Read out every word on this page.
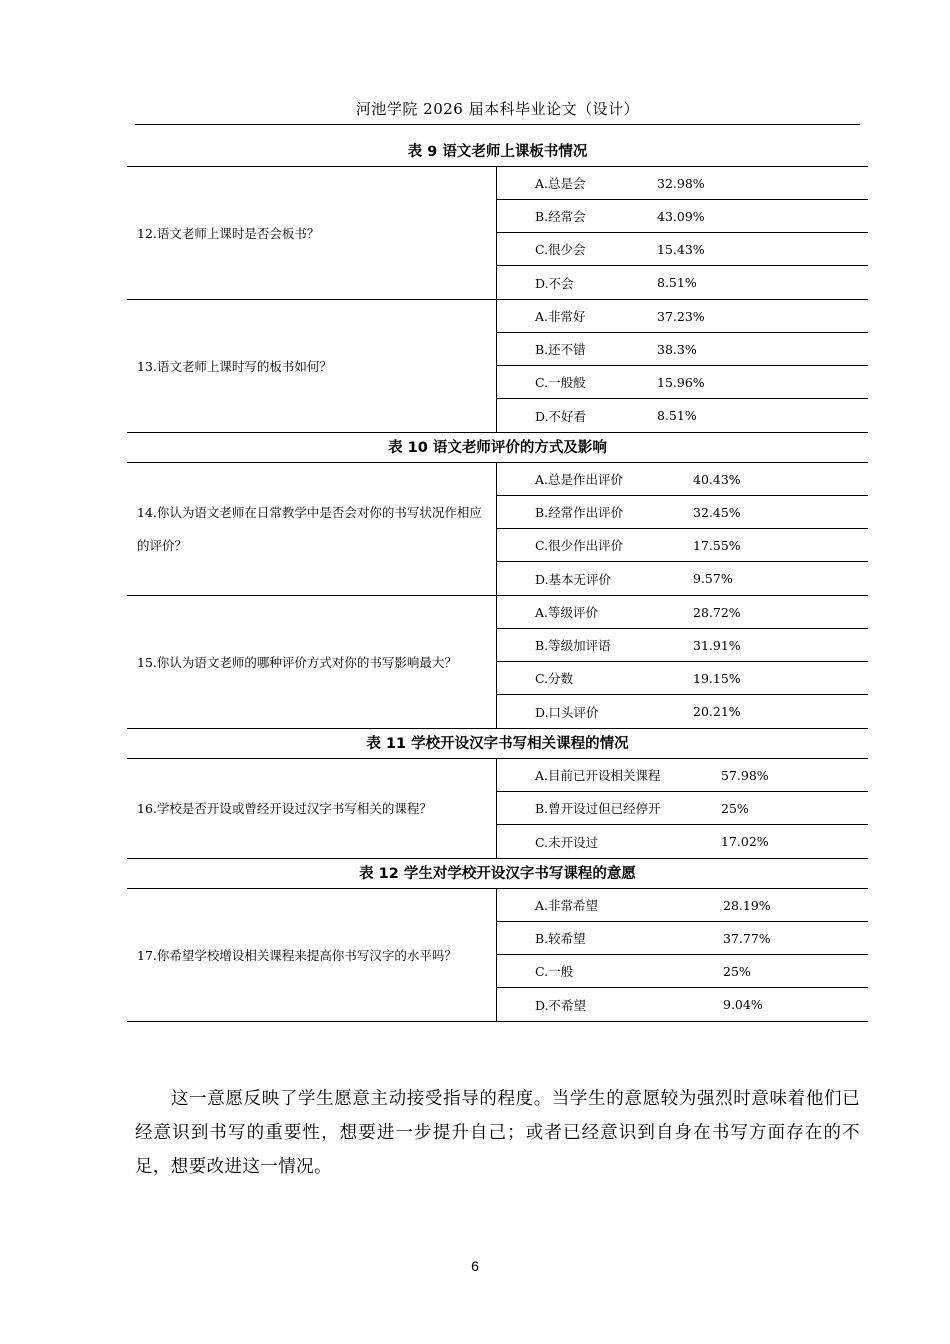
河池学院 2026 届本科毕业论文（设计）
表 9 语文老师上课板书情况
12.语文老师上课时是否会板书？
A.总是会	32.98%
B.经常会	43.09%
C.很少会	15.43%
D.不会	8.51%
13.语文老师上课时写的板书如何？
A.非常好	37.23%
B.还不错	38.3%
C.一般般	15.96%
D.不好看	8.51%
表 10 语文老师评价的方式及影响
14.你认为语文老师在日常教学中是否会对你的书写状况作相应的评价？
A.总是作出评价	40.43%
B.经常作出评价	32.45%
C.很少作出评价	17.55%
D.基本无评价	9.57%
15.你认为语文老师的哪种评价方式对你的书写影响最大？
A.等级评价	28.72%
B.等级加评语	31.91%
C.分数	19.15%
D.口头评价	20.21%
表 11 学校开设汉字书写相关课程的情况
16.学校是否开设或曾经开设过汉字书写相关的课程？
A.目前已开设相关课程	57.98%
B.曾开设过但已经停开	25%
C.未开设过	17.02%
表 12 学生对学校开设汉字书写课程的意愿
17.你希望学校增设相关课程来提高你书写汉字的水平吗？
A.非常希望	28.19%
B.较希望	37.77%
C.一般	25%
D.不希望	9.04%

这一意愿反映了学生愿意主动接受指导的程度。当学生的意愿较为强烈时意味着他们已经意识到书写的重要性，想要进一步提升自己；或者已经意识到自身在书写方面存在的不足，想要改进这一情况。

6
